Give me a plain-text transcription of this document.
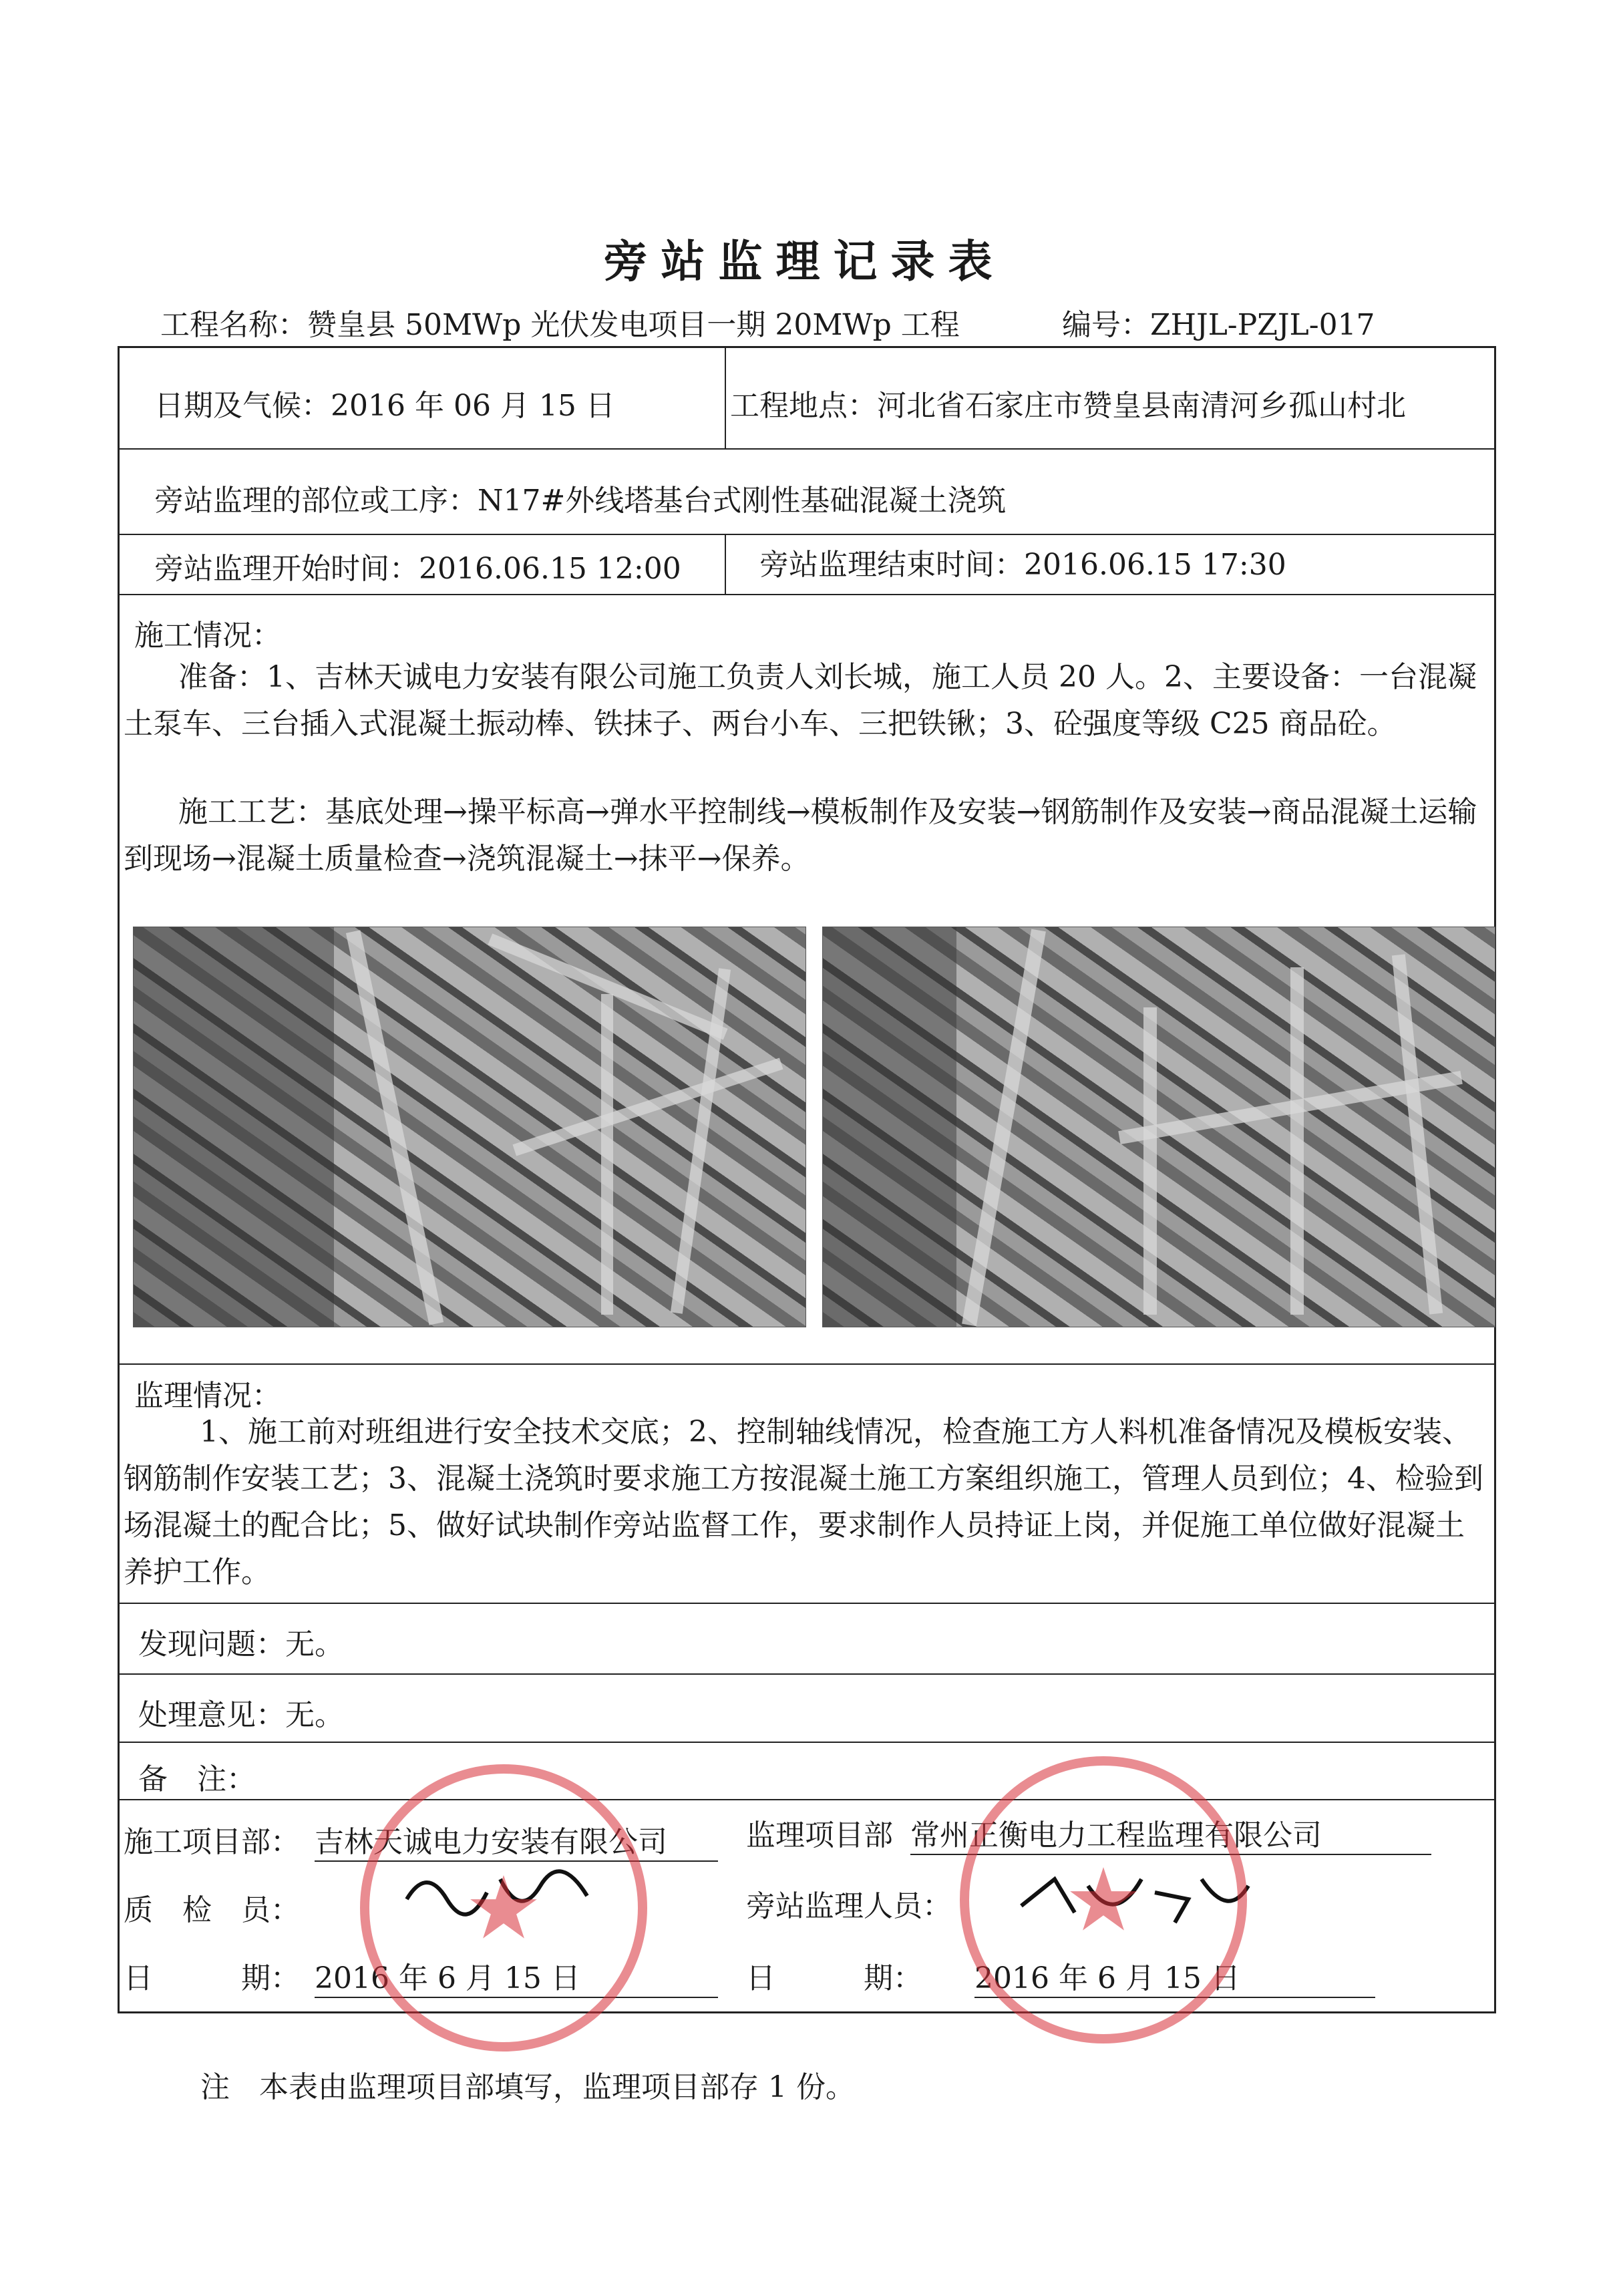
旁站监理记录表
工程名称：赞皇县 50MWp 光伏发电项目一期 20MWp 工程	编号：ZHJL-PZJL-017
日期及气候：2016 年 06 月 15 日	工程地点：河北省石家庄市赞皇县南清河乡孤山村北
旁站监理的部位或工序：N17#外线塔基台式刚性基础混凝土浇筑
旁站监理开始时间：2016.06.15 12:00	旁站监理结束时间：2016.06.15 17:30
施工情况：
准备：1、吉林天诚电力安装有限公司施工负责人刘长城，施工人员 20 人。2、主要设备：一台混凝土泵车、三台插入式混凝土振动棒、铁抹子、两台小车、三把铁锹；3、砼强度等级 C25 商品砼。
施工工艺：基底处理→操平标高→弹水平控制线→模板制作及安装→钢筋制作及安装→商品混凝土运输到现场→混凝土质量检查→浇筑混凝土→抹平→保养。
监理情况：
1、施工前对班组进行安全技术交底；2、控制轴线情况，检查施工方人料机准备情况及模板安装、钢筋制作安装工艺；3、混凝土浇筑时要求施工方按混凝土施工方案组织施工，管理人员到位；4、检验到场混凝土的配合比；5、做好试块制作旁站监督工作，要求制作人员持证上岗，并促施工单位做好混凝土养护工作。
发现问题：无。
处理意见：无。
备　注：
施工项目部： 吉林天诚电力安装有限公司
质　检　员：
日　　　期： 2016 年 6 月 15 日
监理项目部 常州正衡电力工程监理有限公司
旁站监理人员：
日　　　期： 2016 年 6 月 15 日
★	★
注　本表由监理项目部填写，监理项目部存 1 份。
